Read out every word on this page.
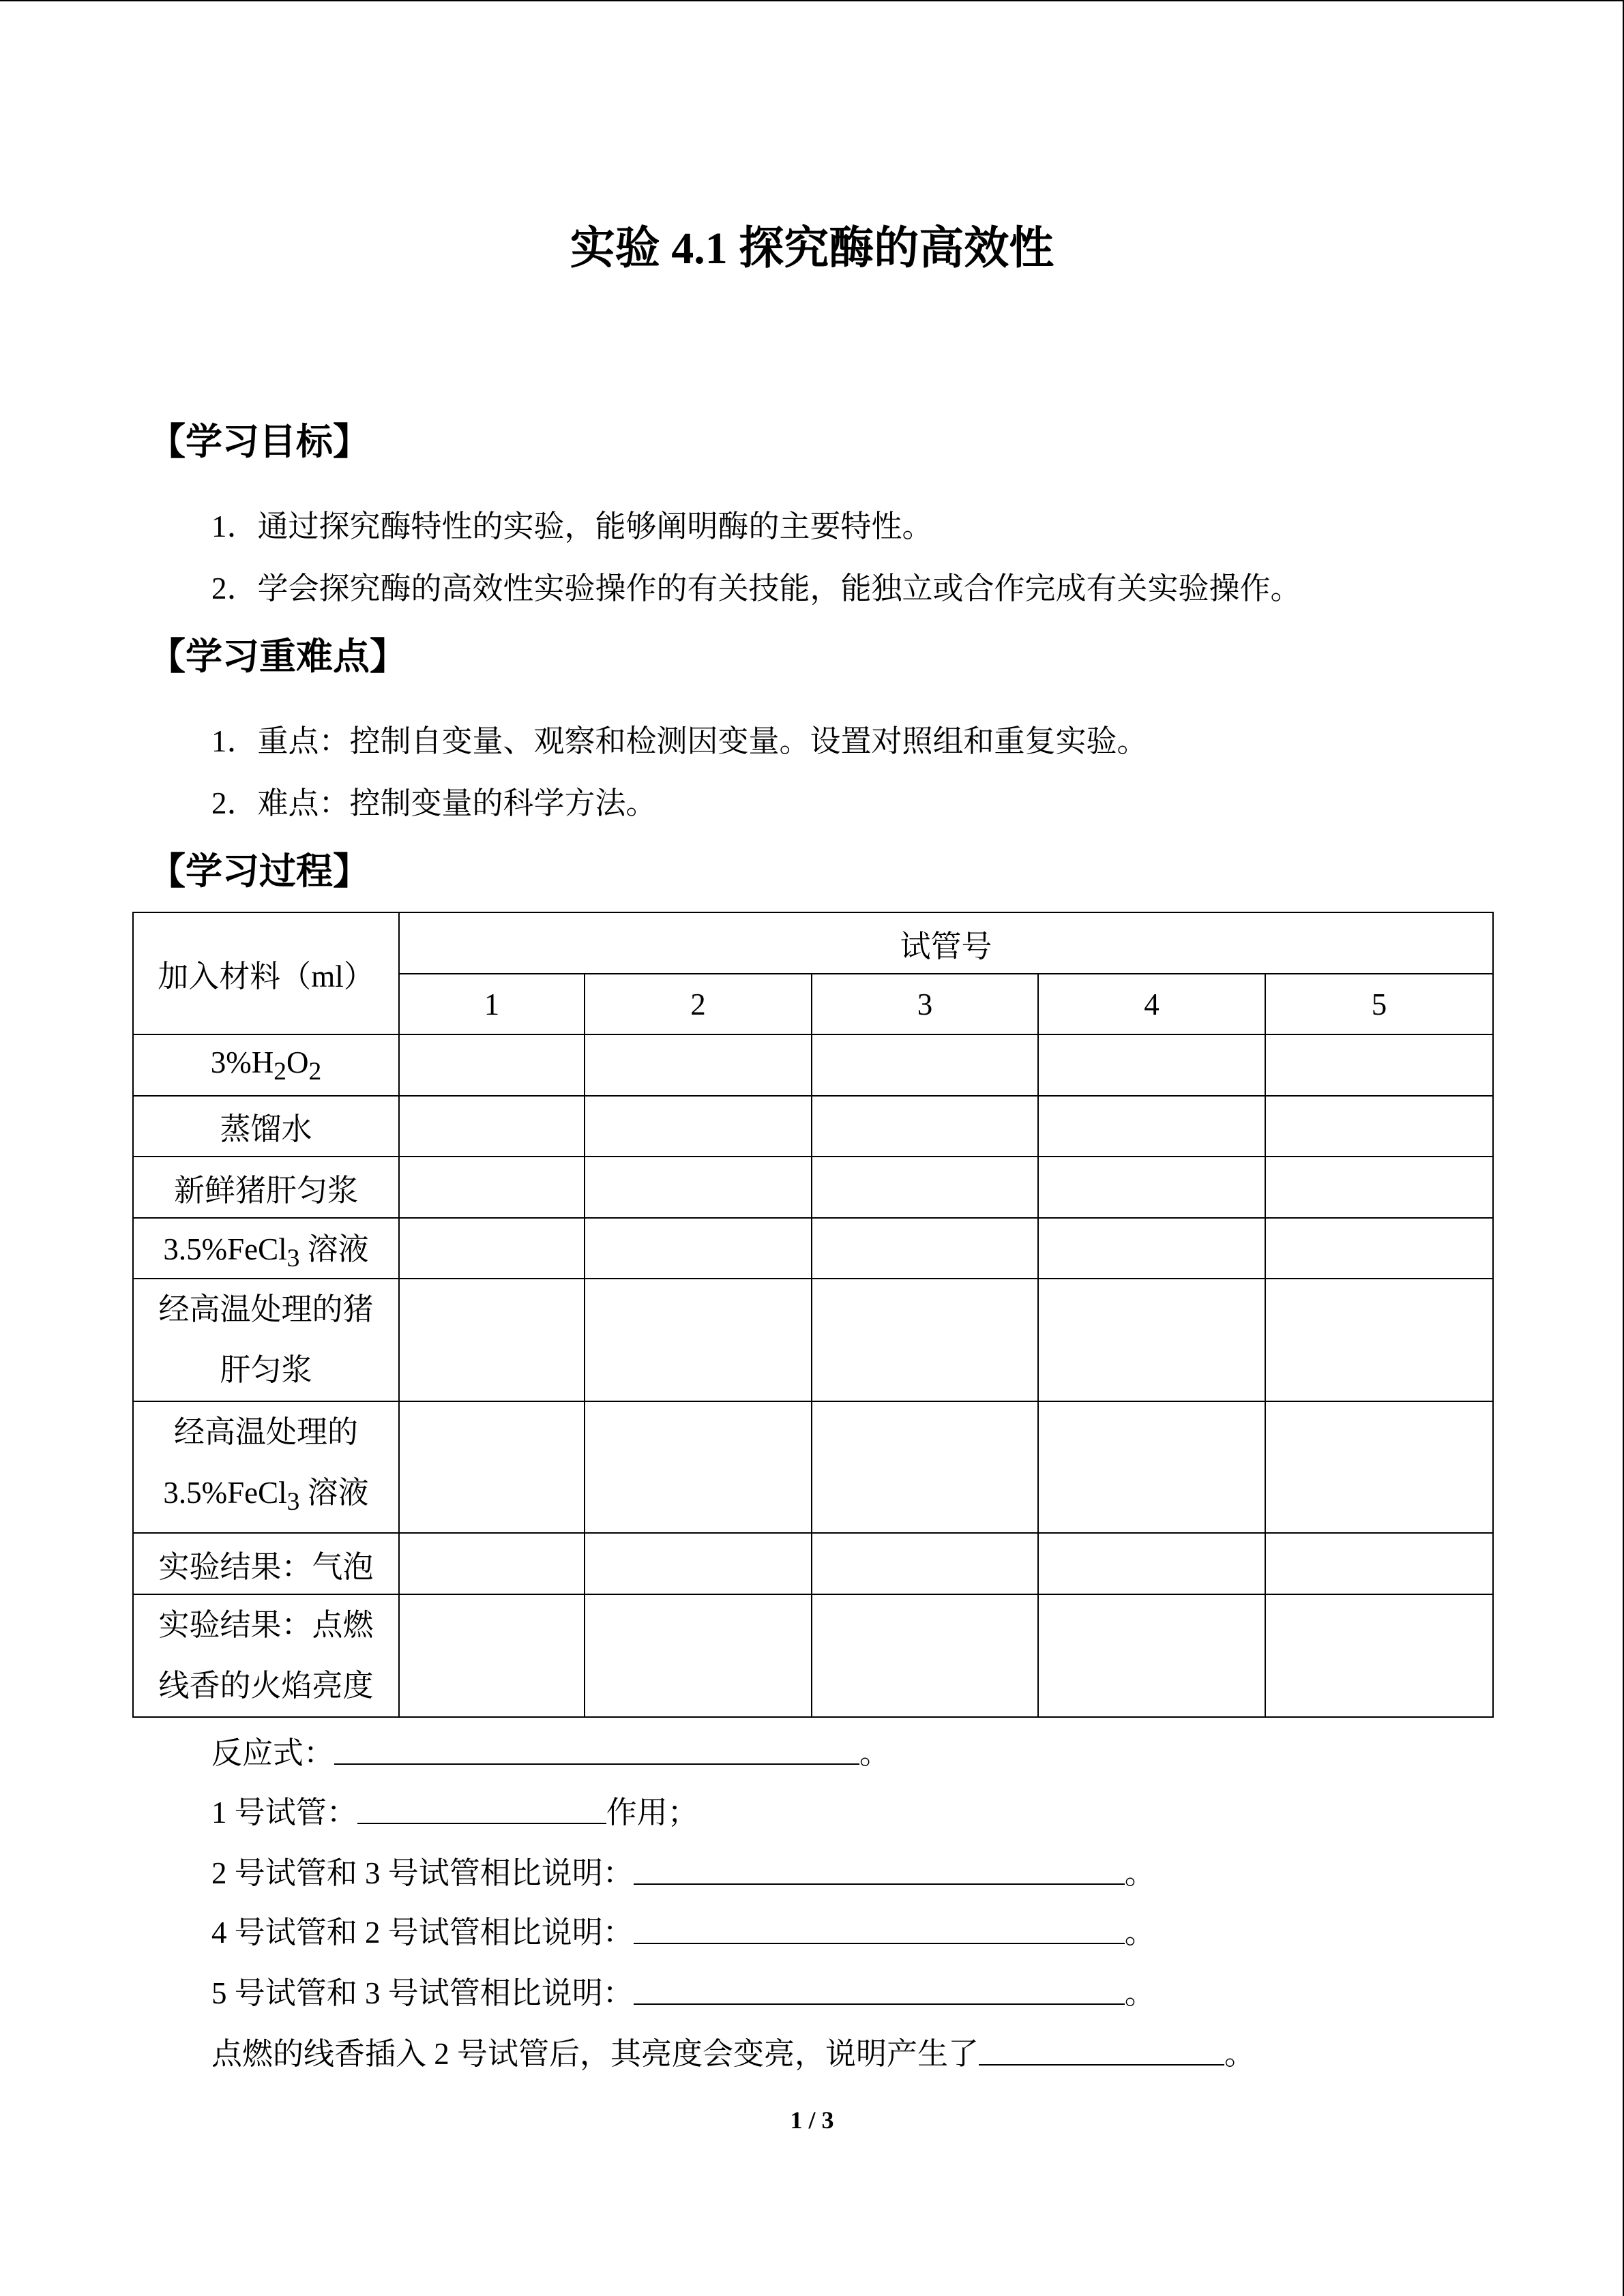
实验 4.1 探究酶的高效性
【学习目标】
1．通过探究酶特性的实验，能够阐明酶的主要特性。
2．学会探究酶的高效性实验操作的有关技能，能独立或合作完成有关实验操作。
【学习重难点】
1．重点：控制自变量、观察和检测因变量。设置对照组和重复实验。
2．难点：控制变量的科学方法。
【学习过程】
加入材料（ml）	试管号				
	1	2	3	4	5
$3\%H_2O_2$					
蒸馏水					
新鲜猪肝匀浆					
3.5%FeCl$_3$ 溶液					

经高温处理的猪
肝匀浆					

经高温处理的
3.5%FeCl$_3$ 溶液					

实验结果：气泡					

实验结果：点燃
线香的火焰亮度					

反应式：	。
1 号试管：	作用；
2 号试管和 3 号试管相比说明：	。
4 号试管和 2 号试管相比说明：	。
5 号试管和 3 号试管相比说明：	。
点燃的线香插入 2 号试管后，其亮度会变亮，说明产生了	。
1 / 3
